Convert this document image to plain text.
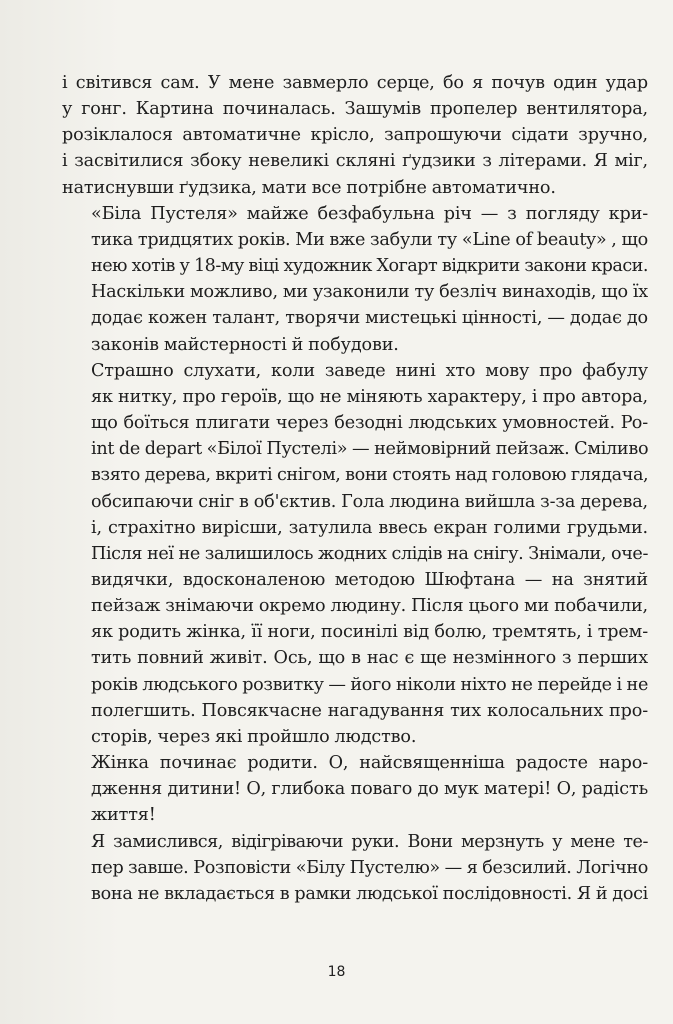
і світився сам. У мене завмерло серце, бо я почув один удар
у гонг. Картина починалась. Зашумів пропелер вентилятора,
розіклалося автоматичне крісло, запрошуючи сідати зручно,
і засвітилися збоку невеликі скляні ґудзики з літерами. Я міг,
натиснувши ґудзика, мати все потрібне автоматично.

«Біла Пустеля» майже безфабульна річ — з погляду кри-
тика тридцятих років. Ми вже забули ту «Line of beauty» , що
нею хотів у 18-му віці художник Хогарт відкрити закони краси.
Наскільки можливо, ми узаконили ту безліч винаходів, що їх
додає кожен талант, творячи мистецькі цінності, — додає до
законів майстерності й побудови.

Страшно слухати, коли заведе нині хто мову про фабулу
як нитку, про героїв, що не міняють характеру, і про автора,
що боїться плигати через безодні людських умовностей. Po-
int de depart «Білої Пустелі» — неймовірний пейзаж. Сміливо
взято дерева, вкриті снігом, вони стоять над головою глядача,
обсипаючи сніг в об'єктив. Гола людина вийшла з-за дерева,
і, страхітно вирісши, затулила ввесь екран голими грудьми.
Після неї не залишилось жодних слідів на снігу. Знімали, оче-
видячки, вдосконаленою методою Шюфтана — на знятий
пейзаж знімаючи окремо людину. Після цього ми побачили,
як родить жінка, її ноги, посинілі від болю, тремтять, і трем-
тить повний живіт. Ось, що в нас є ще незмінного з перших
років людського розвитку — його ніколи ніхто не перейде і не
полегшить. Повсякчасне нагадування тих колосальних про-
сторів, через які пройшло людство.

Жінка починає родити. О, найсвященніша радосте наро-
дження дитини! О, глибока поваго до мук матері! О, радість
життя!

Я замислився, відігріваючи руки. Вони мерзнуть у мене те-
пер завше. Розповісти «Білу Пустелю» — я безсилий. Логічно
вона не вкладається в рамки людської послідовності. Я й досі

18
